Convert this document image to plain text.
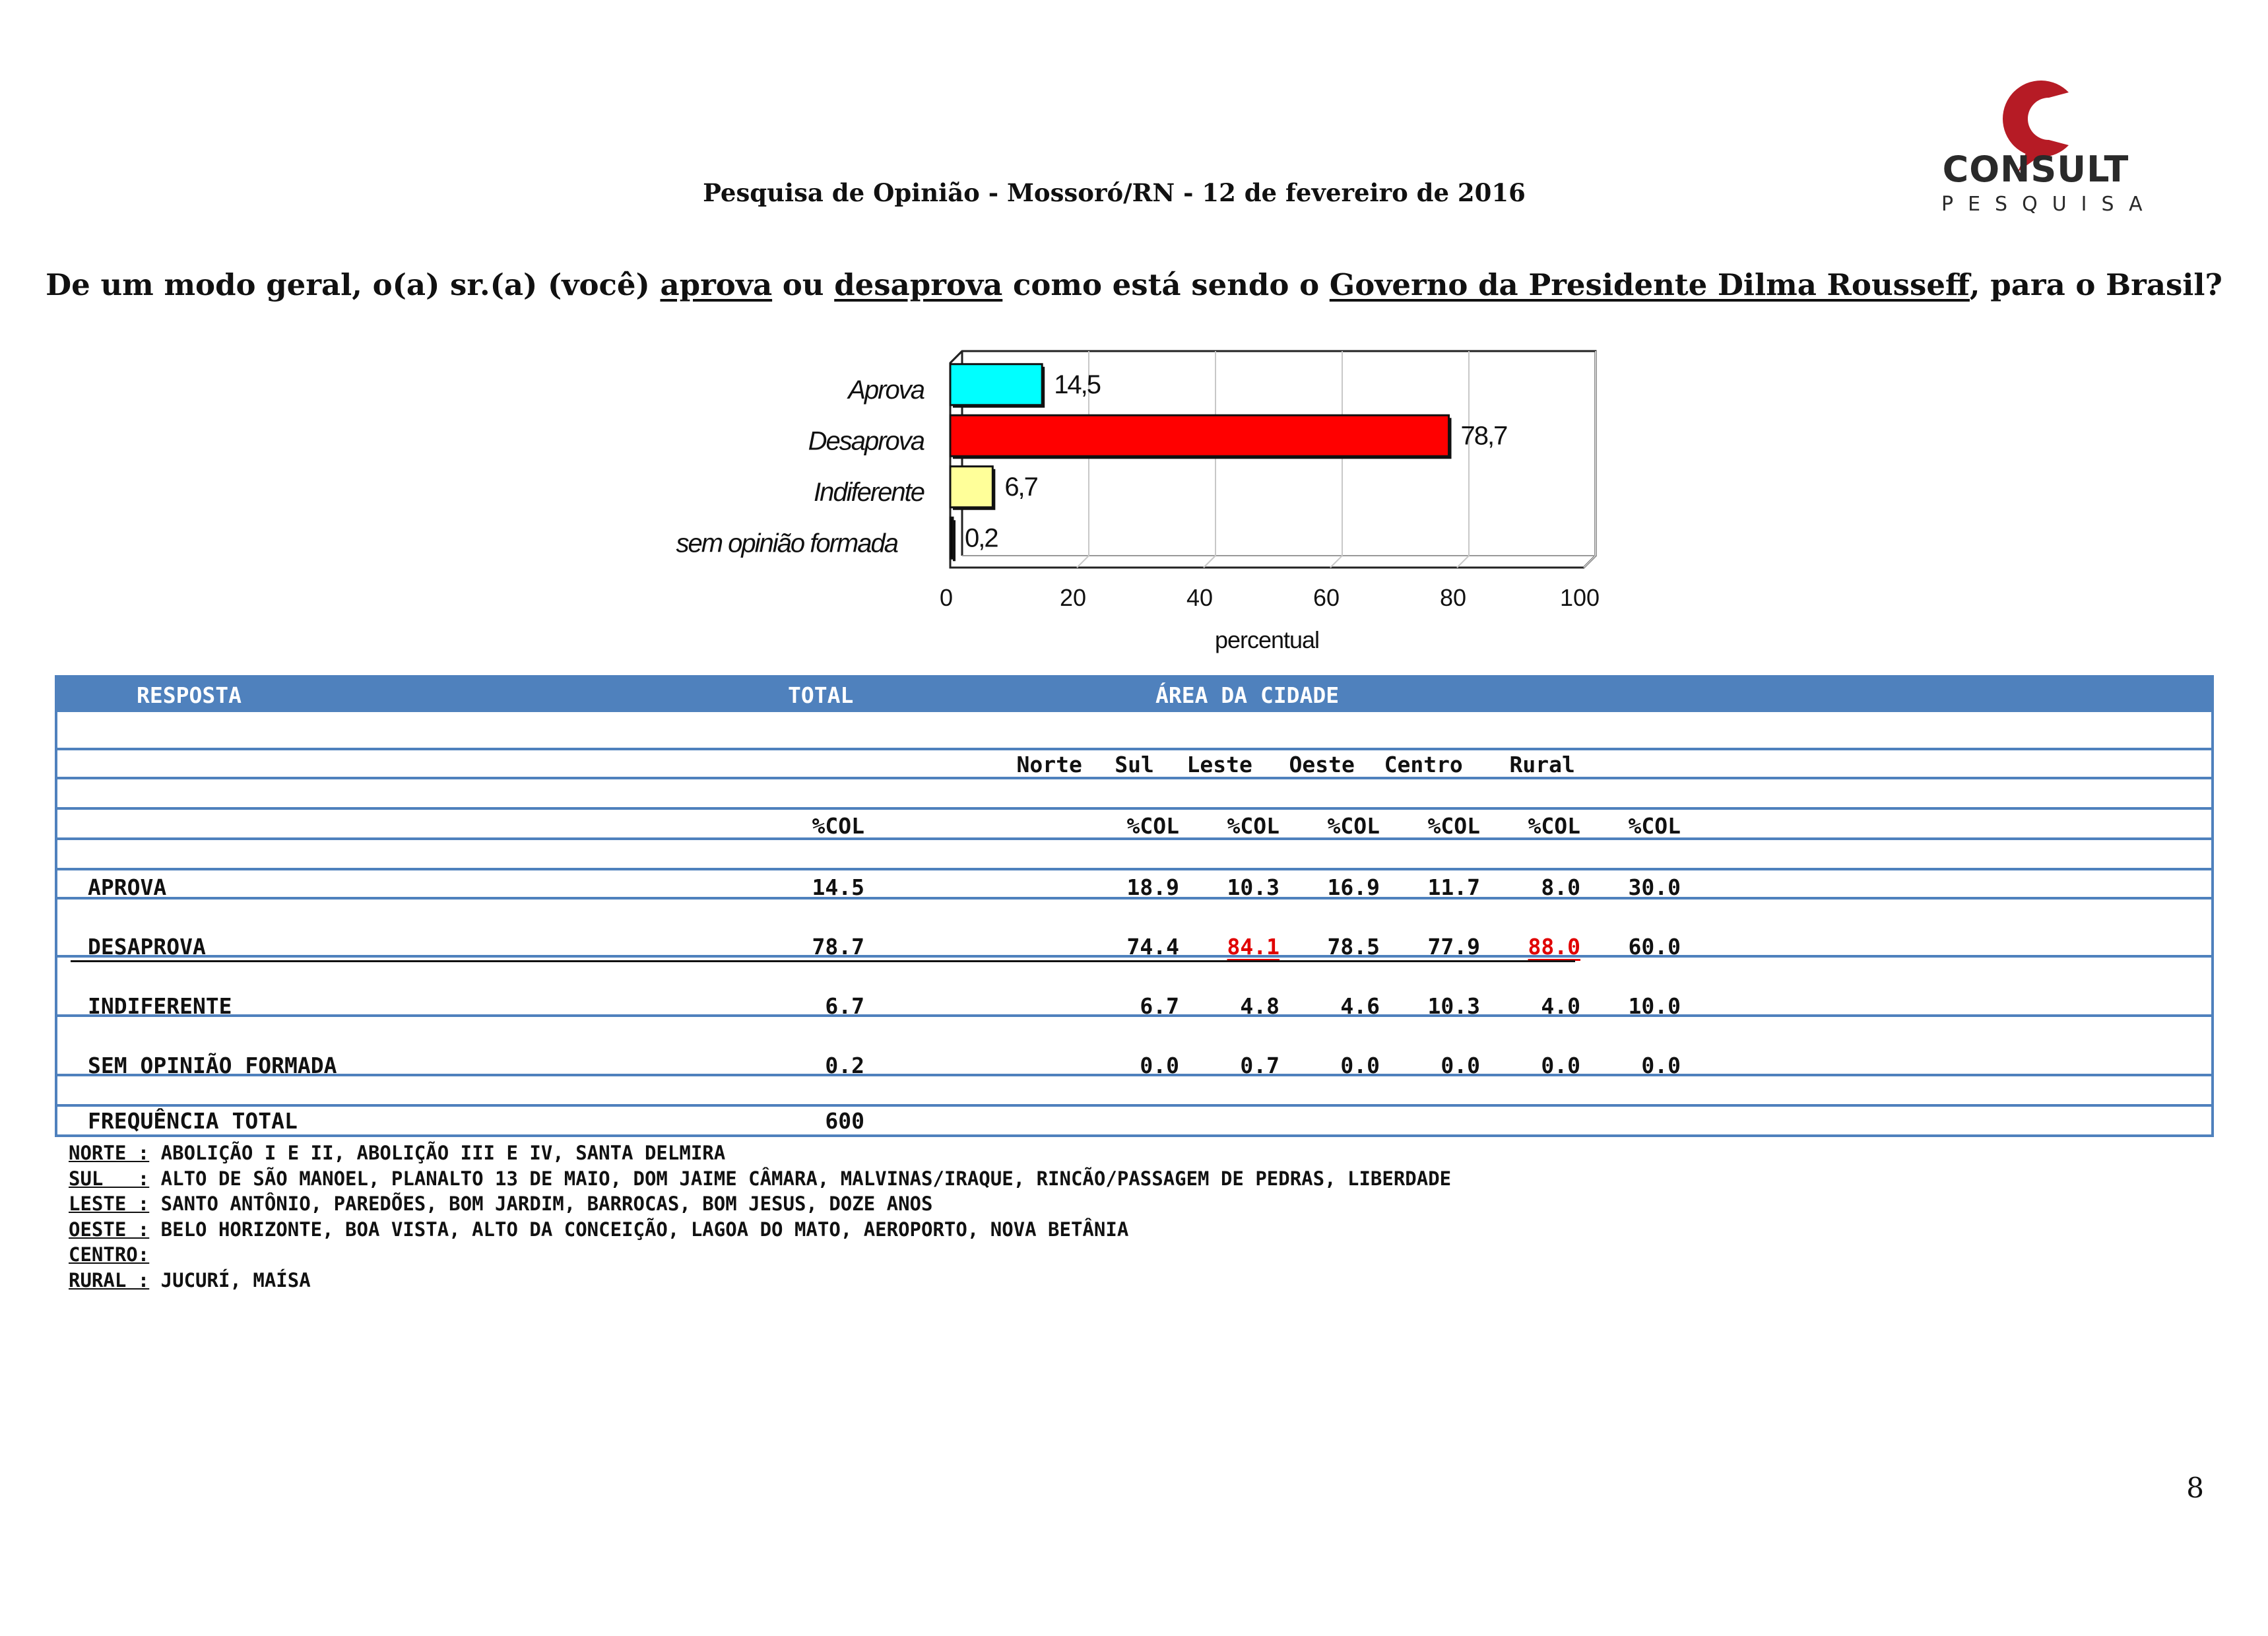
CONSULT
PESQUISA
Pesquisa de Opinião - Mossoró/RN - 12 de fevereiro de 2016
De um modo geral, o(a) sr.(a) (você) aprova ou desaprova como está sendo o Governo da Presidente Dilma Rousseff, para o Brasil?
14,5
Aprova
78,7
Desaprova
6,7
Indiferente
0,2
sem opinião formada
0	20	40	60	80	100
percentual
RESPOSTA	TOTAL	ÁREA DA CIDADE
Norte Sul Leste Oeste Centro Rural
%COL	%COL	%COL	%COL	%COL	%COL	%COL
APROVA	14.5	18.9	10.3	16.9	11.7	8.0	30.0
DESAPROVA	78.7	74.4	84.1	78.5	77.9	88.0	60.0
INDIFERENTE	6.7	6.7	4.8	4.6	10.3	4.0	10.0
SEM OPINIÃO FORMADA	0.2	0.0	0.7	0.0	0.0	0.0	0.0
FREQUÊNCIA TOTAL	600
NORTE : ABOLIÇÃO I E II, ABOLIÇÃO III E IV, SANTA DELMIRA
SUL   : ALTO DE SÃO MANOEL, PLANALTO 13 DE MAIO, DOM JAIME CÂMARA, MALVINAS/IRAQUE, RINCÃO/PASSAGEM DE PEDRAS, LIBERDADE
LESTE : SANTO ANTÔNIO, PAREDÕES, BOM JARDIM, BARROCAS, BOM JESUS, DOZE ANOS
OESTE : BELO HORIZONTE, BOA VISTA, ALTO DA CONCEIÇÃO, LAGOA DO MATO, AEROPORTO, NOVA BETÂNIA
CENTRO:
RURAL : JUCURÍ, MAÍSA
8
